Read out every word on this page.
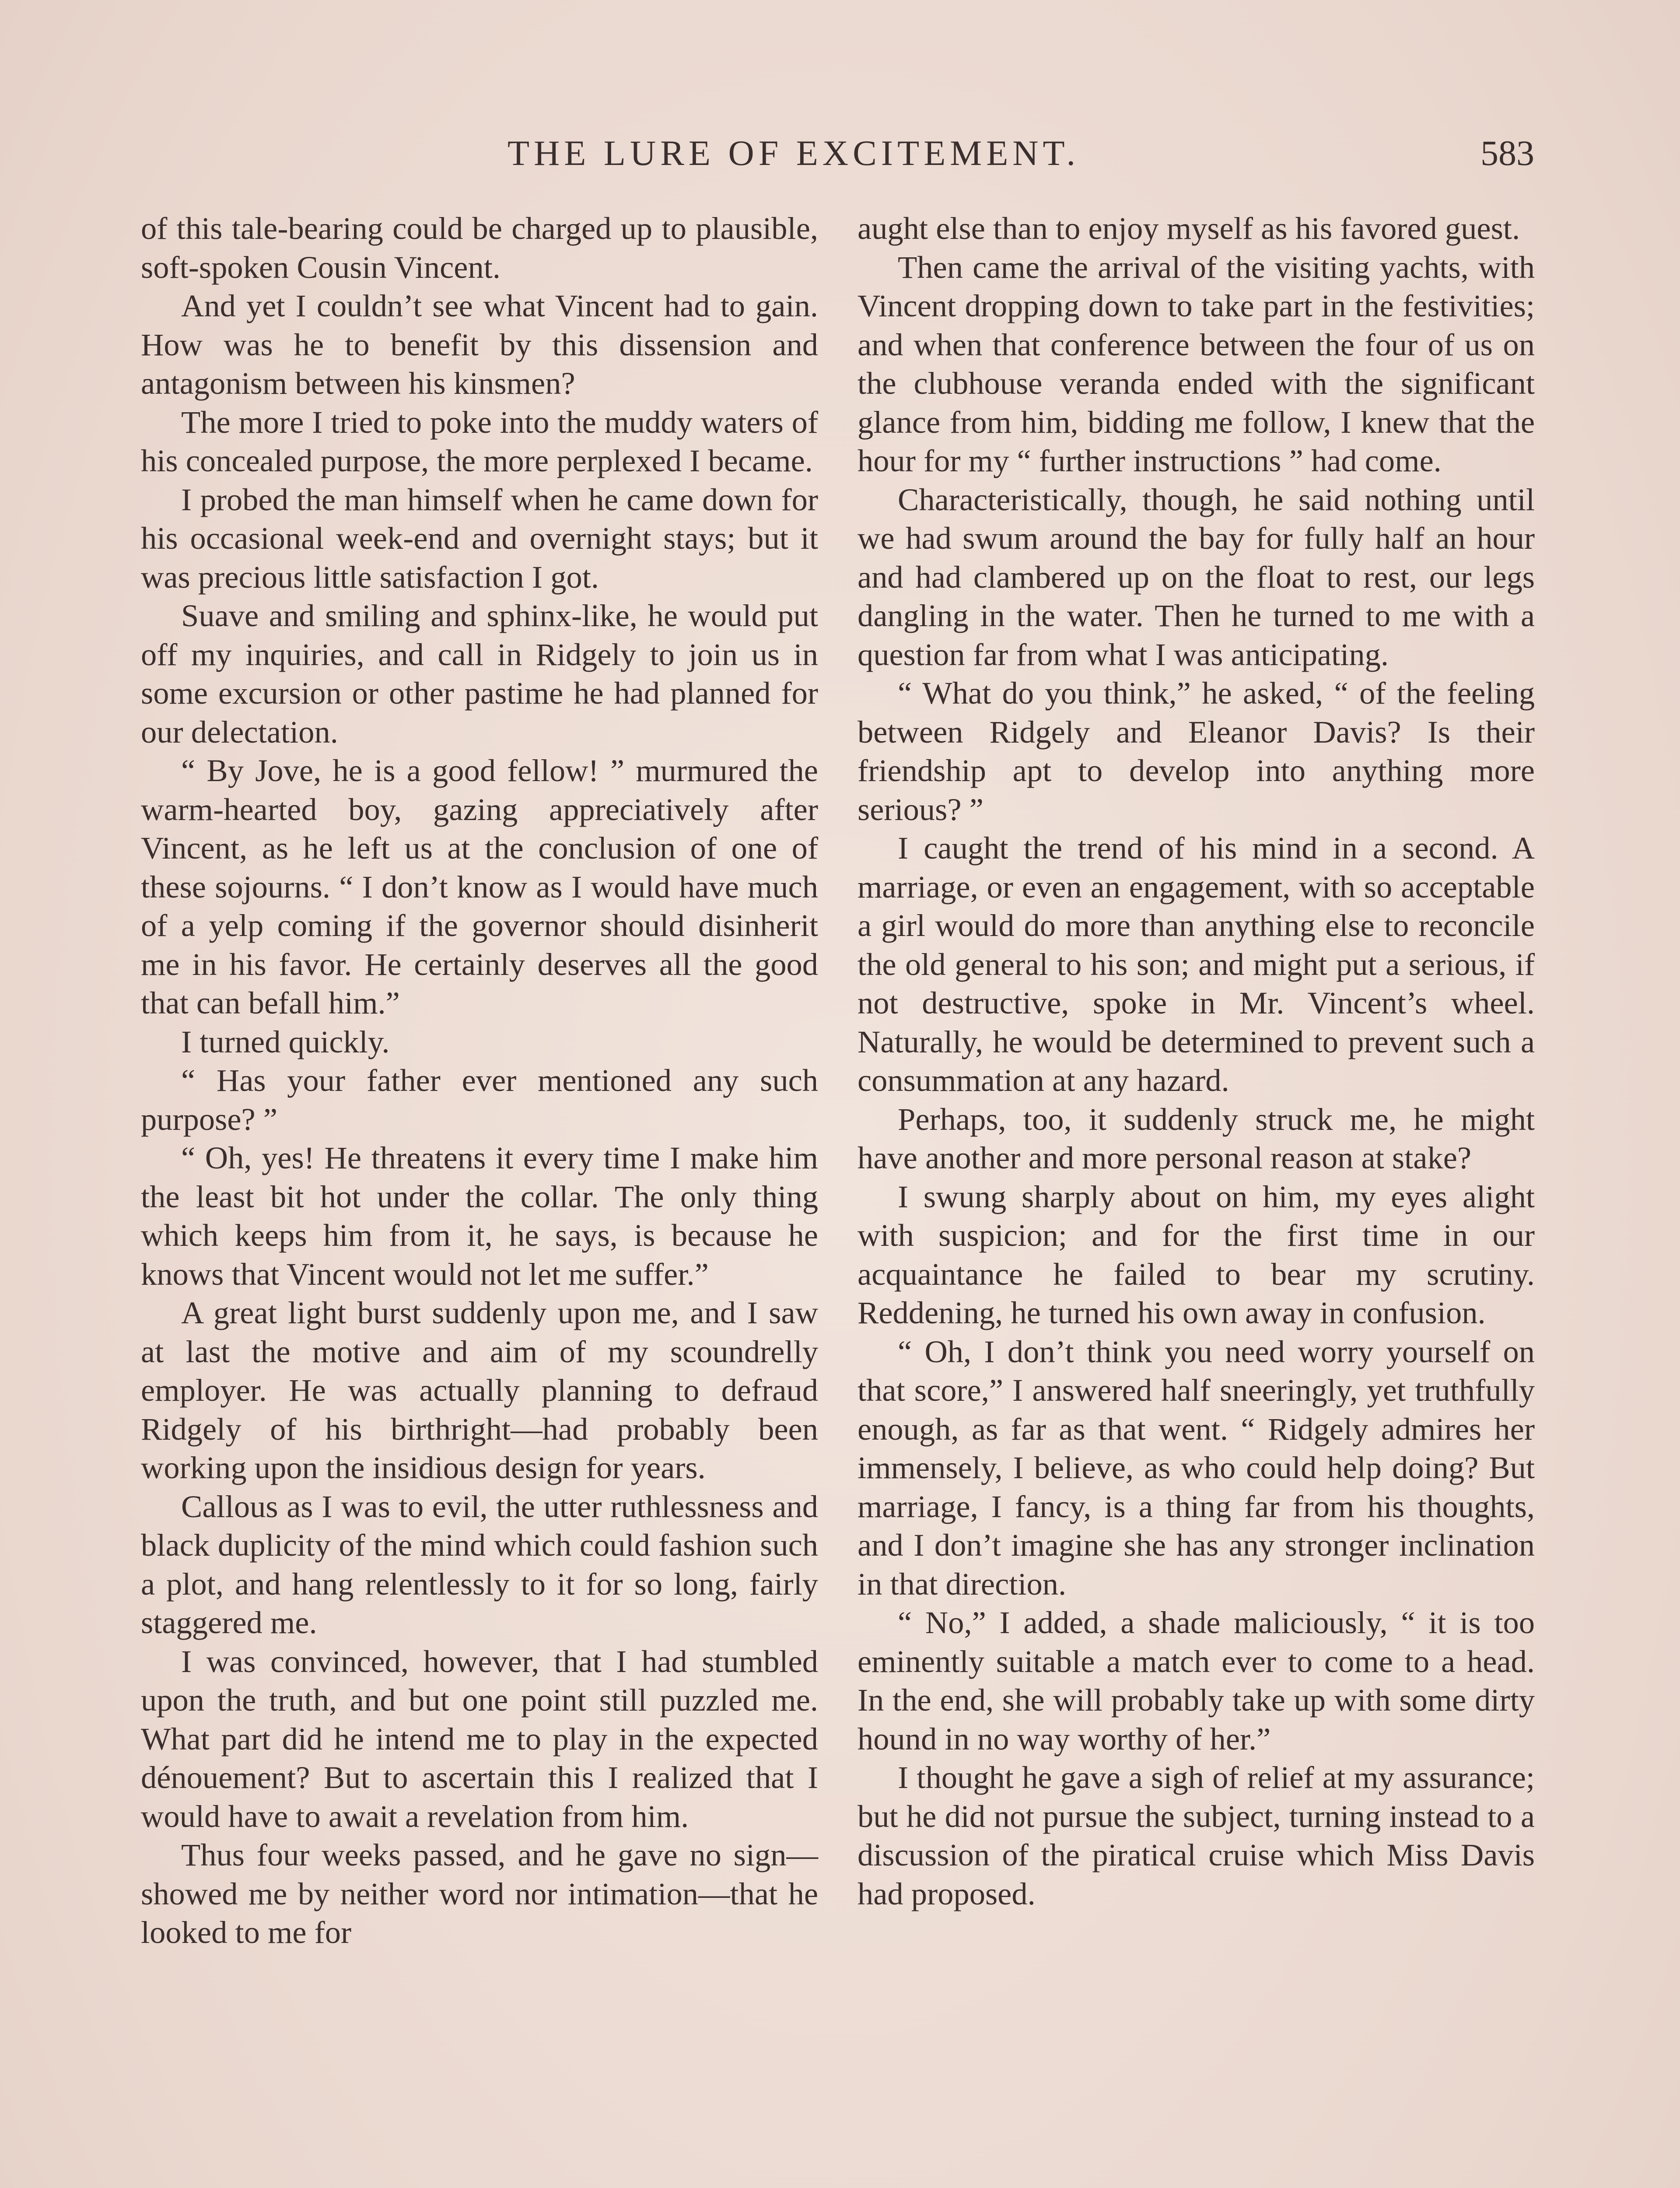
THE LURE OF EXCITEMENT.	583

of this tale-bearing could be charged up to plausible, soft-spoken Cousin Vincent.

And yet I couldn’t see what Vincent had to gain. How was he to benefit by this dissension and antagonism between his kinsmen?

The more I tried to poke into the muddy waters of his concealed purpose, the more perplexed I became.

I probed the man himself when he came down for his occasional week-end and overnight stays; but it was precious little satisfaction I got.

Suave and smiling and sphinx-like, he would put off my inquiries, and call in Ridgely to join us in some excursion or other pastime he had planned for our delectation.

“ By Jove, he is a good fellow! ” murmured the warm-hearted boy, gazing appreciatively after Vincent, as he left us at the conclusion of one of these sojourns. “ I don’t know as I would have much of a yelp coming if the governor should disinherit me in his favor. He certainly deserves all the good that can befall him.”

I turned quickly.

“ Has your father ever mentioned any such purpose? ”

“ Oh, yes! He threatens it every time I make him the least bit hot under the collar. The only thing which keeps him from it, he says, is because he knows that Vincent would not let me suffer.”

A great light burst suddenly upon me, and I saw at last the motive and aim of my scoundrelly employer. He was actually planning to defraud Ridgely of his birthright—had probably been working upon the insidious design for years.

Callous as I was to evil, the utter ruthlessness and black duplicity of the mind which could fashion such a plot, and hang relentlessly to it for so long, fairly staggered me.

I was convinced, however, that I had stumbled upon the truth, and but one point still puzzled me. What part did he intend me to play in the expected dénouement? But to ascertain this I realized that I would have to await a revelation from him.

Thus four weeks passed, and he gave no sign—showed me by neither word nor intimation—that he looked to me for

aught else than to enjoy myself as his favored guest.

Then came the arrival of the visiting yachts, with Vincent dropping down to take part in the festivities; and when that conference between the four of us on the clubhouse veranda ended with the significant glance from him, bidding me follow, I knew that the hour for my “ further instructions ” had come.

Characteristically, though, he said nothing until we had swum around the bay for fully half an hour and had clambered up on the float to rest, our legs dangling in the water. Then he turned to me with a question far from what I was anticipating.

“ What do you think,” he asked, “ of the feeling between Ridgely and Eleanor Davis? Is their friendship apt to develop into anything more serious? ”

I caught the trend of his mind in a second. A marriage, or even an engagement, with so acceptable a girl would do more than anything else to reconcile the old general to his son; and might put a serious, if not destructive, spoke in Mr. Vincent’s wheel. Naturally, he would be determined to prevent such a consummation at any hazard.

Perhaps, too, it suddenly struck me, he might have another and more personal reason at stake?

I swung sharply about on him, my eyes alight with suspicion; and for the first time in our acquaintance he failed to bear my scrutiny. Reddening, he turned his own away in confusion.

“ Oh, I don’t think you need worry yourself on that score,” I answered half sneeringly, yet truthfully enough, as far as that went. “ Ridgely admires her immensely, I believe, as who could help doing? But marriage, I fancy, is a thing far from his thoughts, and I don’t imagine she has any stronger inclination in that direction.

“ No,” I added, a shade maliciously, “ it is too eminently suitable a match ever to come to a head. In the end, she will probably take up with some dirty hound in no way worthy of her.”

I thought he gave a sigh of relief at my assurance; but he did not pursue the subject, turning instead to a discussion of the piratical cruise which Miss Davis had proposed.
